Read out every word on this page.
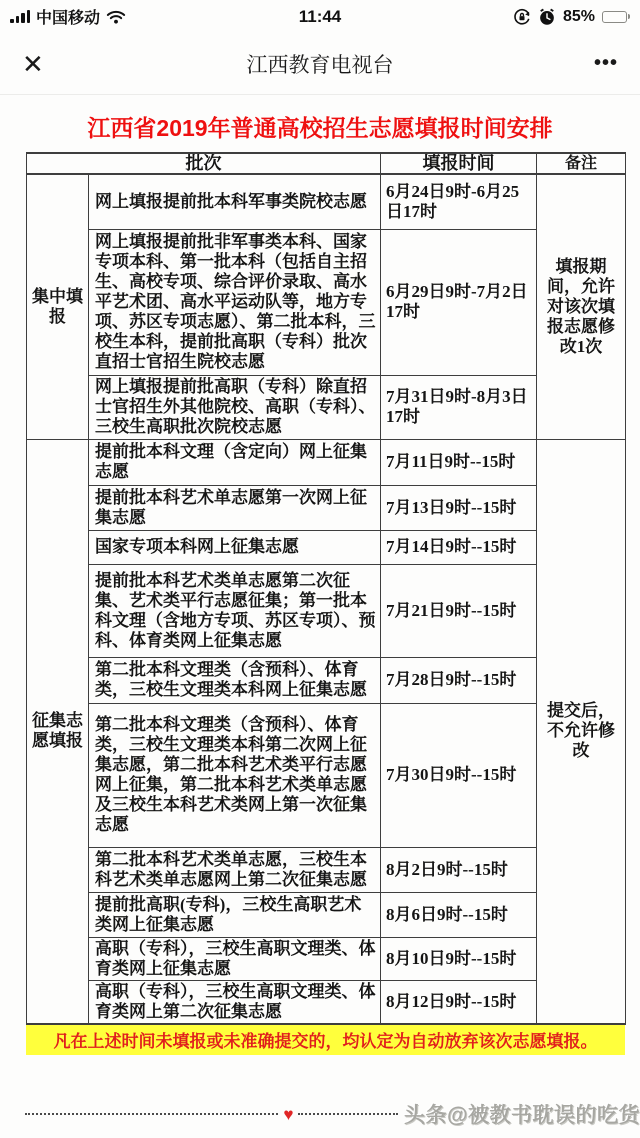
中国移动	11:44	85%
✕	江西教育电视台	•••
江西省2019年普通高校招生志愿填报时间安排
批次		填报时间	备注
集中填报	网上填报提前批本科军事类院校志愿	6月24日9时-6月25日17时	填报期间，允许对该次填报志愿修改1次
	网上填报提前批非军事类本科、国家专项本科、第一批本科（包括自主招生、高校专项、综合评价录取、高水平艺术团、高水平运动队等，地方专项、苏区专项志愿）、第二批本科，三校生本科，提前批高职（专科）批次直招士官招生院校志愿	6月29日9时-7月2日17时	
	网上填报提前批高职（专科）除直招士官招生外其他院校、高职（专科）、三校生高职批次院校志愿	7月31日9时-8月3日17时	
征集志愿填报	提前批本科文理（含定向）网上征集志愿	7月11日9时--15时	提交后，不允许修改
	提前批本科艺术单志愿第一次网上征集志愿	7月13日9时--15时	
	国家专项本科网上征集志愿	7月14日9时--15时	
	提前批本科艺术类单志愿第二次征集、艺术类平行志愿征集；第一批本科文理（含地方专项、苏区专项）、预科、体育类网上征集志愿	7月21日9时--15时	
	第二批本科文理类（含预科）、体育类，三校生文理类本科网上征集志愿	7月28日9时--15时	
	第二批本科文理类（含预科）、体育类，三校生文理类本科第二次网上征集志愿，第二批本科艺术类平行志愿网上征集，第二批本科艺术类单志愿及三校生本科艺术类网上第一次征集志愿	7月30日9时--15时	
	第二批本科艺术类单志愿，三校生本科艺术类单志愿网上第二次征集志愿	8月2日9时--15时	
	提前批高职(专科)，三校生高职艺术类网上征集志愿	8月6日9时--15时	
	高职（专科），三校生高职文理类、体育类网上征集志愿	8月10日9时--15时	
	高职（专科），三校生高职文理类、体育类网上第二次征集志愿	8月12日9时--15时	
凡在上述时间未填报或未准确提交的，均认定为自动放弃该次志愿填报。
♥	头条@被教书耽误的吃货
